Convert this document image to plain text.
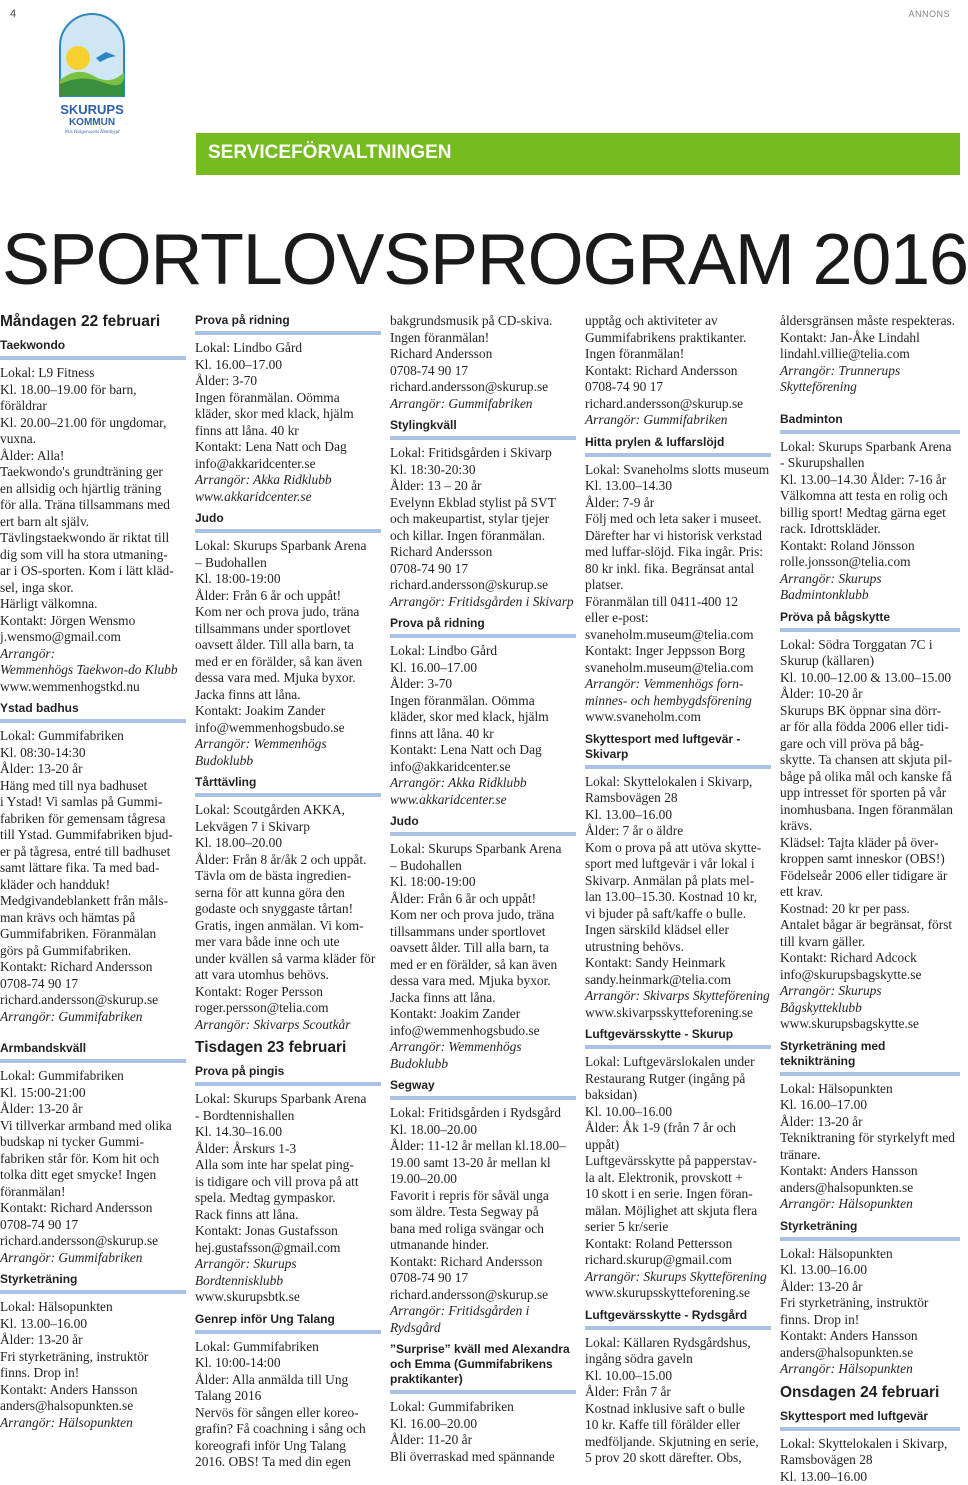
4	ANNONS
SKURUPS
KOMMUN
Nils Holgerssons Hembygd
SERVICEFÖRVALTNINGEN
SPORTLOVSPROGRAM 2016
Måndagen 22 februari
Taekwondo

Lokal: L9 Fitness

Kl. 18.00–19.00 för barn,

föräldrar

Kl. 20.00–21.00 för ungdomar,

vuxna.

Ålder: Alla!

Taekwondo's grundträning ger

en allsidig och hjärtlig träning

för alla. Träna tillsammans med

ert barn alt själv.

Tävlingstaekwondo är riktat till

dig som vill ha stora utmaning-

ar i OS-sporten. Kom i lätt kläd-

sel, inga skor.

Härligt välkomna.

Kontakt: Jörgen Wensmo

j.wensmo@gmail.com

Arrangör:

Wemmenhögs Taekwon-do Klubb

www.wemmenhogstkd.nu

Ystad badhus

Lokal: Gummifabriken

Kl. 08:30-14:30

Ålder: 13-20 år

Häng med till nya badhuset

i Ystad! Vi samlas på Gummi-

fabriken för gemensam tågresa

till Ystad. Gummifabriken bjud-

er på tågresa, entré till badhuset

samt lättare fika. Ta med bad-

kläder och handduk!

Medgivandeblankett från måls-

man krävs och hämtas på

Gummifabriken. Föranmälan

görs på Gummifabriken.

Kontakt: Richard Andersson

0708-74 90 17

richard.andersson@skurup.se

Arrangör: Gummifabriken

Armbandskväll

Lokal: Gummifabriken

Kl. 15:00-21:00

Ålder: 13-20 år

Vi tillverkar armband med olika

budskap ni tycker Gummi-

fabriken står för. Kom hit och

tolka ditt eget smycke! Ingen

föranmälan!

Kontakt: Richard Andersson

0708-74 90 17

richard.andersson@skurup.se

Arrangör: Gummifabriken

Styrketräning

Lokal: Hälsopunkten

Kl. 13.00–16.00

Ålder: 13-20 år

Fri styrketräning, instruktör

finns. Drop in!

Kontakt: Anders Hansson

anders@halsopunkten.se

Arrangör: Hälsopunkten

Prova på ridning

Lokal: Lindbo Gård

Kl. 16.00–17.00

Ålder: 3-70

Ingen föranmälan. Oömma

kläder, skor med klack, hjälm

finns att låna. 40 kr

Kontakt: Lena Natt och Dag

info@akkaridcenter.se

Arrangör: Akka Ridklubb

www.akkaridcenter.se

Judo

Lokal: Skurups Sparbank Arena

– Budohallen

Kl. 18:00-19:00

Ålder: Från 6 år och uppåt!

Kom ner och prova judo, träna

tillsammans under sportlovet

oavsett ålder. Till alla barn, ta

med er en förälder, så kan även

dessa vara med. Mjuka byxor.

Jacka finns att låna.

Kontakt: Joakim Zander

info@wemmenhogsbudo.se

Arrangör: Wemmenhögs Budoklubb

Tårttävling

Lokal: Scoutgården AKKA,

Lekvägen 7 i Skivarp

Kl. 18.00–20.00

Ålder: Från 8 år/åk 2 och uppåt.

Tävla om de bästa ingredien-

serna för att kunna göra den

godaste och snyggaste tårtan!

Gratis, ingen anmälan. Vi kom-

mer vara både inne och ute

under kvällen så varma kläder för

att vara utomhus behövs.

Kontakt: Roger Persson

roger.persson@telia.com

Arrangör: Skivarps Scoutkår

Tisdagen 23 februari
Prova på pingis

Lokal: Skurups Sparbank Arena

- Bordtennishallen

Kl. 14.30–16.00

Ålder: Årskurs 1-3

Alla som inte har spelat ping-

is tidigare och vill prova på att

spela. Medtag gympaskor.

Rack finns att låna.

Kontakt: Jonas Gustafsson

hej.gustafsson@gmail.com

Arrangör: Skurups

Bordtennisklubb

www.skurupsbtk.se

Genrep inför Ung Talang

Lokal: Gummifabriken

Kl. 10:00-14:00

Ålder: Alla anmälda till Ung

Talang 2016

Nervös för sången eller koreo-

grafin? Få coachning i sång och

koreografi inför Ung Talang

2016. OBS! Ta med din egen

bakgrundsmusik på CD-skiva.

Ingen föranmälan!

Richard Andersson

0708-74 90 17

richard.andersson@skurup.se

Arrangör: Gummifabriken

Stylingkväll

Lokal: Fritidsgården i Skivarp

Kl. 18:30-20:30

Ålder: 13 – 20 år

Evelynn Ekblad stylist på SVT

och makeupartist, stylar tjejer

och killar. Ingen föranmälan.

Richard Andersson

0708-74 90 17

richard.andersson@skurup.se

Arrangör: Fritidsgården i Skivarp

Prova på ridning

Lokal: Lindbo Gård

Kl. 16.00–17.00

Ålder: 3-70

Ingen föranmälan. Oömma

kläder, skor med klack, hjälm

finns att låna. 40 kr

Kontakt: Lena Natt och Dag

info@akkaridcenter.se

Arrangör: Akka Ridklubb

www.akkaridcenter.se

Judo

Lokal: Skurups Sparbank Arena

– Budohallen

Kl. 18:00-19:00

Ålder: Från 6 år och uppåt!

Kom ner och prova judo, träna

tillsammans under sportlovet

oavsett ålder. Till alla barn, ta

med er en förälder, så kan även

dessa vara med. Mjuka byxor.

Jacka finns att låna.

Kontakt: Joakim Zander

info@wemmenhogsbudo.se

Arrangör: Wemmenhögs Budoklubb

Segway

Lokal: Fritidsgården i Rydsgård

Kl. 18.00–20.00

Ålder: 11-12 år mellan kl.18.00–

19.00 samt 13-20 år mellan kl

19.00–20.00

Favorit i repris för såväl unga

som äldre. Testa Segway på

bana med roliga svängar och

utmanande hinder.

Kontakt: Richard Andersson

0708-74 90 17

richard.andersson@skurup.se

Arrangör: Fritidsgården i

Rydsgård

”Surprise” kväll med Alexandra och Emma (Gummifabrikens praktikanter)

Lokal: Gummifabriken

Kl. 16.00–20.00

Ålder: 11-20 år

Bli överraskad med spännande

upptåg och aktiviteter av

Gummifabrikens praktikanter.

Ingen föranmälan!

Kontakt: Richard Andersson

0708-74 90 17

richard.andersson@skurup.se

Arrangör: Gummifabriken

Hitta prylen & luffarslöjd

Lokal: Svaneholms slotts museum

Kl. 13.00–14.30

Ålder: 7-9 år

Följ med och leta saker i museet.

Därefter har vi historisk verkstad

med luffar-slöjd. Fika ingår. Pris:

80 kr inkl. fika. Begränsat antal

platser.

Föranmälan till 0411-400 12

eller e-post:

svaneholm.museum@telia.com

Kontakt: Inger Jeppsson Borg

svaneholm.museum@telia.com

Arrangör: Vemmenhögs forn-

minnes- och hembygdsförening

www.svaneholm.com

Skyttesport med luftgevär - Skivarp

Lokal: Skyttelokalen i Skivarp,

Ramsbovägen 28

Kl. 13.00–16.00

Ålder: 7 år o äldre

Kom o prova på att utöva skytte-

sport med luftgevär i vår lokal i

Skivarp. Anmälan på plats mel-

lan 13.00–15.30. Kostnad 10 kr,

vi bjuder på saft/kaffe o bulle.

Ingen särskild klädsel eller

utrustning behövs.

Kontakt: Sandy Heinmark

sandy.heinmark@telia.com

Arrangör: Skivarps Skytteförening

www.skivarpsskytteforening.se

Luftgevärsskytte - Skurup

Lokal: Luftgevärslokalen under

Restaurang Rutger (ingång på

baksidan)

Kl. 10.00–16.00

Ålder: Åk 1-9 (från 7 år och uppåt)

Luftgevärsskytte på papperstav-

la alt. Elektronik, provskott +

10 skott i en serie. Ingen föran-

mälan. Möjlighet att skjuta flera

serier 5 kr/serie

Kontakt: Roland Pettersson

richard.skurup@gmail.com

Arrangör: Skurups Skytteförening

www.skurupsskytteforening.se

Luftgevärsskytte - Rydsgård

Lokal: Källaren Rydsgårdshus,

ingång södra gaveln

Kl. 10.00–15.00

Ålder: Från 7 år

Kostnad inklusive saft o bulle

10 kr. Kaffe till förälder eller

medföljande. Skjutning en serie,

5 prov 20 skott därefter. Obs,

åldersgränsen måste respekteras.

Kontakt: Jan-Åke Lindahl

lindahl.villie@telia.com

Arrangör: Trunnerups

Skytteförening

Badminton

Lokal: Skurups Sparbank Arena

- Skurupshallen

Kl. 13.00–14.30 Ålder: 7-16 år

Välkomna att testa en rolig och

billig sport! Medtag gärna eget

rack. Idrottskläder.

Kontakt: Roland Jönsson

rolle.jonsson@telia.com

Arrangör: Skurups

Badmintonklubb

Pröva på bågskytte

Lokal: Södra Torggatan 7C i

Skurup (källaren)

Kl. 10.00–12.00 & 13.00–15.00

Ålder: 10-20 år

Skurups BK öppnar sina dörr-

ar för alla födda 2006 eller tidi-

gare och vill pröva på båg-

skytte. Ta chansen att skjuta pil-

båge på olika mål och kanske få

upp intresset för sporten på vår

inomhusbana. Ingen föranmälan

krävs.

Klädsel: Tajta kläder på över-

kroppen samt inneskor (OBS!)

Födelseår 2006 eller tidigare är

ett krav.

Kostnad: 20 kr per pass.

Antalet bågar är begränsat, först

till kvarn gäller.

Kontakt: Richard Adcock

info@skurupsbagskytte.se

Arrangör: Skurups Bågskytteklubb

www.skurupsbagskytte.se

Styrketräning med teknikträning

Lokal: Hälsopunkten

Kl. 16.00–17.00

Ålder: 13-20 år

Tekniktraning för styrkelyft med

tränare.

Kontakt: Anders Hansson

anders@halsopunkten.se

Arrangör: Hälsopunkten

Styrketräning

Lokal: Hälsopunkten

Kl. 13.00–16.00

Ålder: 13-20 år

Fri styrketräning, instruktör

finns. Drop in!

Kontakt: Anders Hansson

anders@halsopunkten.se

Arrangör: Hälsopunkten

Onsdagen 24 februari
Skyttesport med luftgevär

Lokal: Skyttelokalen i Skivarp,

Ramsbovägen 28

Kl. 13.00–16.00
